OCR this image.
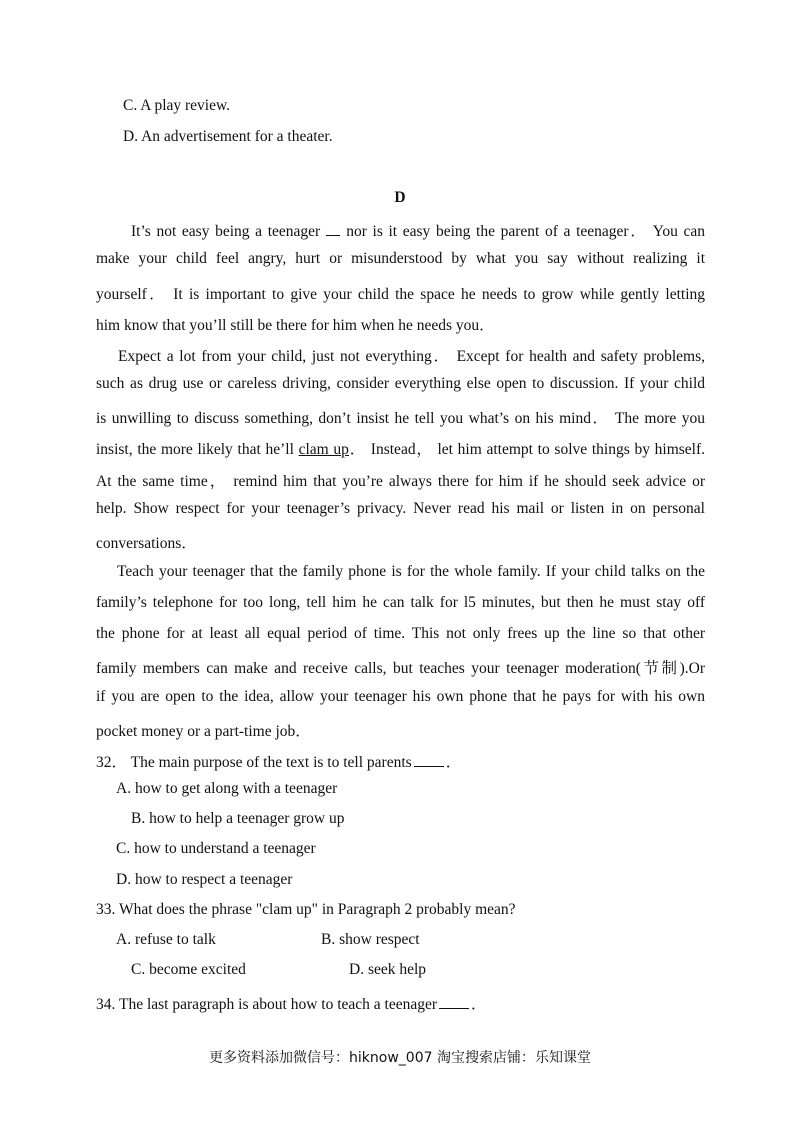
C. A play review.
D. An advertisement for a theater.
D
It’s not easy being a teenager nor is it easy being the parent of a teenager． You can
make your child feel angry, hurt or misunderstood by what you say without realizing it
yourself． It is important to give your child the space he needs to grow while gently letting
him know that you’ll still be there for him when he needs you．
Expect a lot from your child, just not everything． Except for health and safety problems,
such as drug use or careless driving, consider everything else open to discussion. If your child
is unwilling to discuss something, don’t insist he tell you what’s on his mind． The more you
insist, the more likely that he’ll clam up． Instead， let him attempt to solve things by himself.
At the same time， remind him that you’re always there for him if he should seek advice or
help. Show respect for your teenager’s privacy. Never read his mail or listen in on personal
conversations．
Teach your teenager that the family phone is for the whole family. If your child talks on the
family’s telephone for too long, tell him he can talk for l5 minutes, but then he must stay off
the phone for at least all equal period of time. This not only frees up the line so that other
family members can make and receive calls, but teaches your teenager moderation(节制).Or
if you are open to the idea, allow your teenager his own phone that he pays for with his own
pocket money or a part-time job．
32． The main purpose of the text is to tell parents ．
A. how to get along with a teenager
B. how to help a teenager grow up
C. how to understand a teenager
D. how to respect a teenager
33. What does the phrase "clam up" in Paragraph 2 probably mean?
A. refuse to talk	B. show respect
C. become excited	D. seek help
34. The last paragraph is about how to teach a teenager ．
更多资料添加微信号：hiknow_007 淘宝搜索店铺：乐知课堂
